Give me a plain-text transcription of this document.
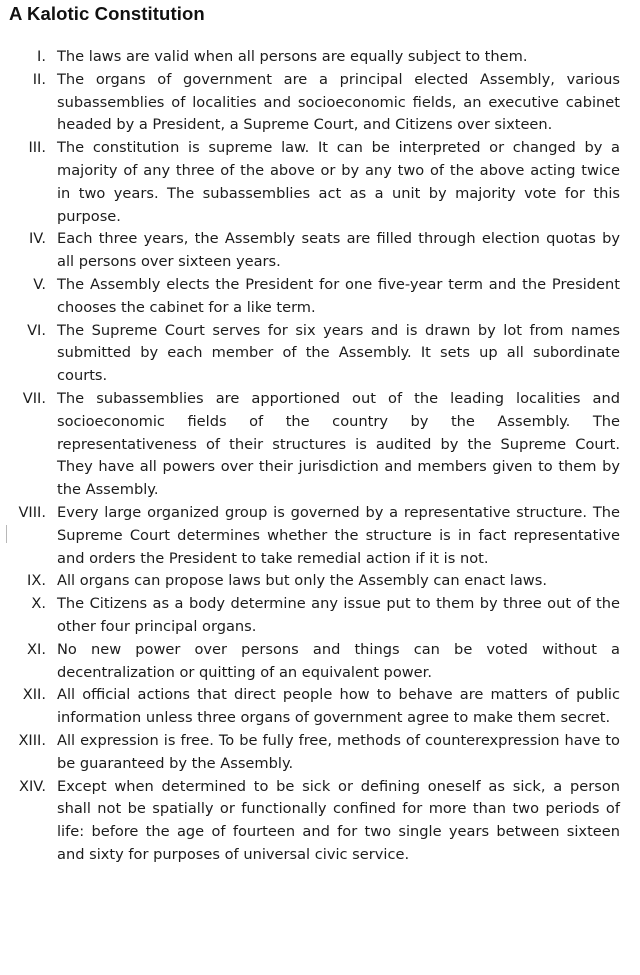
A Kalotic Constitution
I. The laws are valid when all persons are equally subject to them.
II. The organs of government are a principal elected Assembly, various subassemblies of localities and socioeconomic fields, an executive cabinet headed by a President, a Supreme Court, and Citizens over sixteen.
III. The constitution is supreme law. It can be interpreted or changed by a majority of any three of the above or by any two of the above acting twice in two years. The subassemblies act as a unit by majority vote for this purpose.
IV. Each three years, the Assembly seats are filled through election quotas by all persons over sixteen years.
V. The Assembly elects the President for one five-year term and the President chooses the cabinet for a like term.
VI. The Supreme Court serves for six years and is drawn by lot from names submitted by each member of the Assembly. It sets up all subordinate courts.
VII. The subassemblies are apportioned out of the leading localities and socioeconomic fields of the country by the Assembly. The representativeness of their structures is audited by the Supreme Court. They have all powers over their jurisdiction and members given to them by the Assembly.
VIII. Every large organized group is governed by a representative structure. The Supreme Court determines whether the structure is in fact representative and orders the President to take remedial action if it is not.
IX. All organs can propose laws but only the Assembly can enact laws.
X. The Citizens as a body determine any issue put to them by three out of the other four principal organs.
XI. No new power over persons and things can be voted without a decentralization or quitting of an equivalent power.
XII. All official actions that direct people how to behave are matters of public information unless three organs of government agree to make them secret.
XIII. All expression is free. To be fully free, methods of counterexpression have to be guaranteed by the Assembly.
XIV. Except when determined to be sick or defining oneself as sick, a person shall not be spatially or functionally confined for more than two periods of life: before the age of fourteen and for two single years between sixteen and sixty for purposes of universal civic service.
